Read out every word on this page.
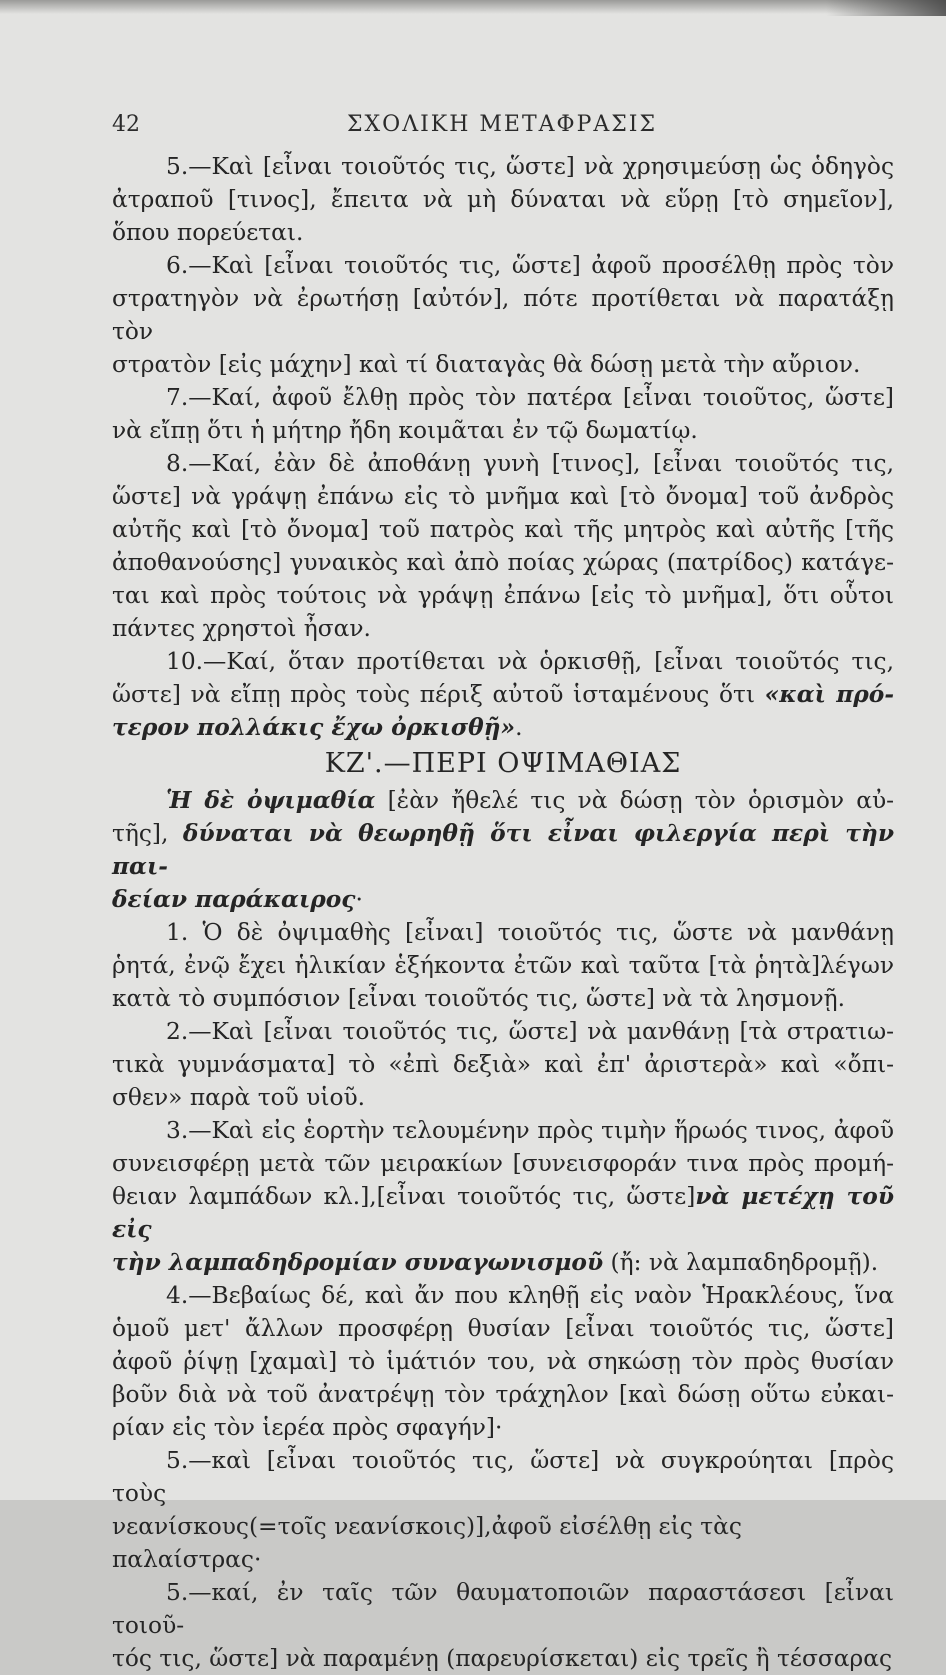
42	ΣΧΟΛΙΚΗ ΜΕΤΑΦΡΑΣΙΣ
5.—Καὶ [εἶναι τοιοῦτός τις, ὥστε] νὰ χρησιμεύσῃ ὡς ὁδηγὸς
ἀτραποῦ [τινος], ἔπειτα νὰ μὴ δύναται νὰ εὕρῃ [τὸ σημεῖον],
ὅπου πορεύεται.
6.—Καὶ [εἶναι τοιοῦτός τις, ὥστε] ἀφοῦ προσέλθῃ πρὸς τὸν
στρατηγὸν νὰ ἐρωτήσῃ [αὐτόν], πότε προτίθεται νὰ παρατάξῃ τὸν
στρατὸν [εἰς μάχην] καὶ τί διαταγὰς θὰ δώσῃ μετὰ τὴν αὔριον.
7.—Καί, ἀφοῦ ἔλθῃ πρὸς τὸν πατέρα [εἶναι τοιοῦτος, ὥστε]
νὰ εἴπῃ ὅτι ἡ μήτηρ ἤδη κοιμᾶται ἐν τῷ δωματίῳ.
8.—Καί, ἐὰν δὲ ἀποθάνῃ γυνὴ [τινος], [εἶναι τοιοῦτός τις,
ὥστε] νὰ γράψῃ ἐπάνω εἰς τὸ μνῆμα καὶ [τὸ ὄνομα] τοῦ ἀνδρὸς
αὐτῆς καὶ [τὸ ὄνομα] τοῦ πατρὸς καὶ τῆς μητρὸς καὶ αὐτῆς [τῆς
ἀποθανούσης] γυναικὸς καὶ ἀπὸ ποίας χώρας (πατρίδος) κατάγε-
ται καὶ πρὸς τούτοις νὰ γράψῃ ἐπάνω [εἰς τὸ μνῆμα], ὅτι οὗτοι
πάντες χρηστοὶ ἦσαν.
10.—Καί, ὅταν προτίθεται νὰ ὁρκισθῇ, [εἶναι τοιοῦτός τις,
ὥστε] νὰ εἴπῃ πρὸς τοὺς πέριξ αὐτοῦ ἱσταμένους ὅτι «καὶ πρό-
τερον πολλάκις ἔχω ὀρκισθῇ».

ΚΖ'.—ΠΕΡΙ ΟΨΙΜΑΘΙΑΣ

Ἡ δὲ ὀψιμαθία [ἐὰν ἤθελέ τις νὰ δώσῃ τὸν ὁρισμὸν αὐ-
τῆς], δύναται νὰ θεωρηθῇ ὅτι εἶναι φιλεργία περὶ τὴν παι-
δείαν παράκαιρος·
1. Ὁ δὲ ὀψιμαθὴς [εἶναι] τοιοῦτός τις, ὥστε νὰ μανθάνῃ
ῥητά, ἐνῷ ἔχει ἡλικίαν ἑξήκοντα ἐτῶν καὶ ταῦτα [τὰ ῥητὰ]λέγων
κατὰ τὸ συμπόσιον [εἶναι τοιοῦτός τις, ὥστε] νὰ τὰ λησμονῇ.
2.—Καὶ [εἶναι τοιοῦτός τις, ὥστε] νὰ μανθάνῃ [τὰ στρατιω-
τικὰ γυμνάσματα] τὸ «ἐπὶ δεξιὰ» καὶ ἐπ' ἀριστερὰ» καὶ «ὄπι-
σθεν» παρὰ τοῦ υἱοῦ.
3.—Καὶ εἰς ἑορτὴν τελουμένην πρὸς τιμὴν ἥρωός τινος, ἀφοῦ
συνεισφέρῃ μετὰ τῶν μειρακίων [συνεισφοράν τινα πρὸς προμή-
θειαν λαμπάδων κλ.],[εἶναι τοιοῦτός τις, ὥστε]νὰ μετέχῃ τοῦ εἰς
τὴν λαμπαδηδρομίαν συναγωνισμοῦ (ἤ: νὰ λαμπαδηδρομῇ).
4.—Βεβαίως δέ, καὶ ἄν που κληθῇ εἰς ναὸν Ἡρακλέους, ἵνα
ὁμοῦ μετ' ἄλλων προσφέρῃ θυσίαν [εἶναι τοιοῦτός τις, ὥστε]
ἀφοῦ ῥίψῃ [χαμαὶ] τὸ ἱμάτιόν του, νὰ σηκώσῃ τὸν πρὸς θυσίαν
βοῦν διὰ νὰ τοῦ ἀνατρέψῃ τὸν τράχηλον [καὶ δώσῃ οὕτω εὐκαι-
ρίαν εἰς τὸν ἱερέα πρὸς σφαγήν]·
5.—καὶ [εἶναι τοιοῦτός τις, ὥστε] νὰ συγκρούηται [πρὸς τοὺς
νεανίσκους(=τοῖς νεανίσκοις)],ἀφοῦ εἰσέλθῃ εἰς τὰς παλαίστρας·
5.—καί, ἐν ταῖς τῶν θαυματοποιῶν παραστάσεσι [εἶναι τοιοῦ-
τός τις, ὥστε] νὰ παραμένῃ (παρευρίσκεται) εἰς τρεῖς ἢ τέσσαρας
